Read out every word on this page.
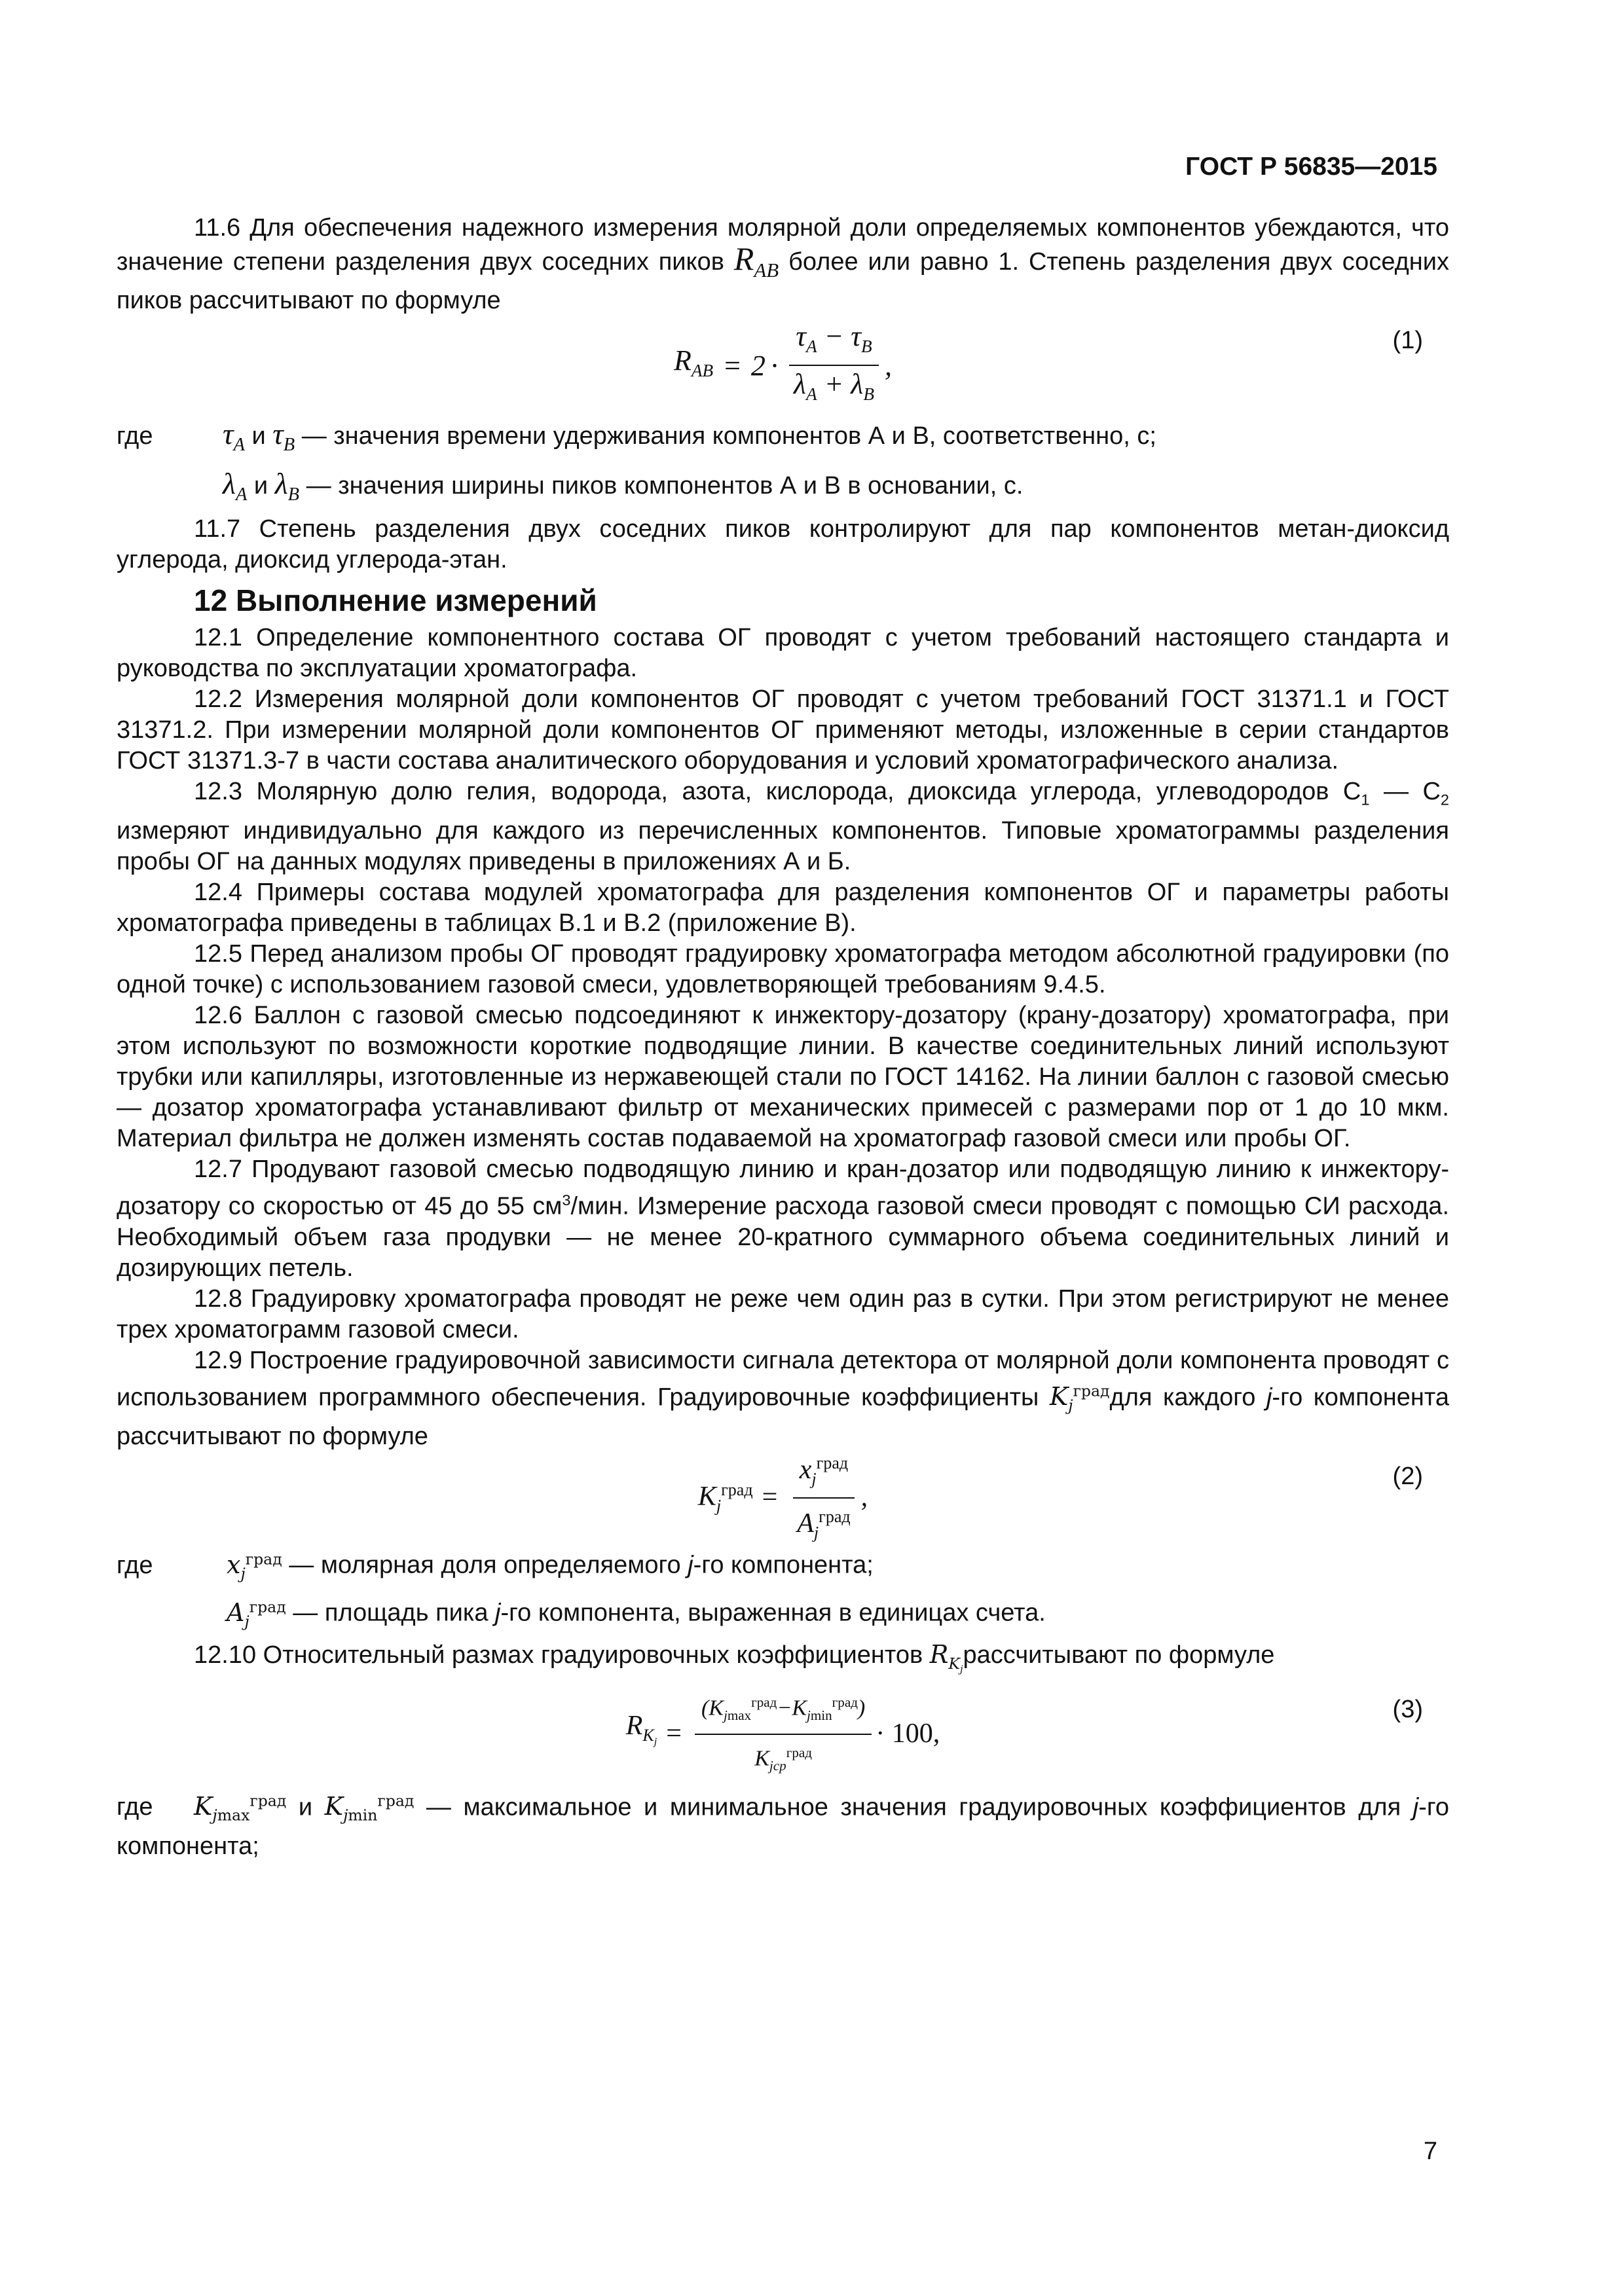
ГОСТ Р 56835—2015

11.6 Для обеспечения надежного измерения молярной доли определяемых компонентов убеждаются, что значение степени разделения двух соседних пиков $R_{AB}$ более или равно 1. Степень разделения двух соседних пиков рассчитывают по формуле

$R_{AB} = 2 \cdot \frac{\tau_A - \tau_B}{\lambda_A + \lambda_B}$ ,
(1)
где	$\tau_A$ и $\tau_B$ — значения времени удерживания компонентов А и В, соответственно, с;
$\lambda_A$ и $\lambda_B$ — значения ширины пиков компонентов А и В в основании, с.

11.7 Степень разделения двух соседних пиков контролируют для пар компонентов метан-диоксид углерода, диоксид углерода-этан.

12 Выполнение измерений

12.1 Определение компонентного состава ОГ проводят с учетом требований настоящего стандарта и руководства по эксплуатации хроматографа.

12.2 Измерения молярной доли компонентов ОГ проводят с учетом требований ГОСТ 31371.1 и ГОСТ 31371.2. При измерении молярной доли компонентов ОГ применяют методы, изложенные в серии стандартов ГОСТ 31371.3-7 в части состава аналитического оборудования и условий хроматографического анализа.

12.3 Молярную долю гелия, водорода, азота, кислорода, диоксида углерода, углеводородов $С_1$ — $С_2$ измеряют индивидуально для каждого из перечисленных компонентов. Типовые хроматограммы разделения пробы ОГ на данных модулях приведены в приложениях А и Б.

12.4 Примеры состава модулей хроматографа для разделения компонентов ОГ и параметры работы хроматографа приведены в таблицах В.1 и В.2 (приложение В).

12.5 Перед анализом пробы ОГ проводят градуировку хроматографа методом абсолютной градуировки (по одной точке) с использованием газовой смеси, удовлетворяющей требованиям 9.4.5.

12.6 Баллон с газовой смесью подсоединяют к инжектору-дозатору (крану-дозатору) хроматографа, при этом используют по возможности короткие подводящие линии. В качестве соединительных линий используют трубки или капилляры, изготовленные из нержавеющей стали по ГОСТ 14162. На линии баллон с газовой смесью — дозатор хроматографа устанавливают фильтр от механических примесей с размерами пор от 1 до 10 мкм. Материал фильтра не должен изменять состав подаваемой на хроматограф газовой смеси или пробы ОГ.

12.7 Продувают газовой смесью подводящую линию и кран-дозатор или подводящую линию к инжектору-дозатору со скоростью от 45 до 55 $см^3$/мин. Измерение расхода газовой смеси проводят с помощью СИ расхода. Необходимый объем газа продувки — не менее 20-кратного суммарного объема соединительных линий и дозирующих петель.

12.8 Градуировку хроматографа проводят не реже чем один раз в сутки. При этом регистрируют не менее трех хроматограмм газовой смеси.

12.9 Построение градуировочной зависимости сигнала детектора от молярной доли компонента проводят с использованием программного обеспечения. Градуировочные коэффициенты $K_j^{град}для$ каждого j-го компонента рассчитывают по формуле

$K_j^{град} = \frac{x_j^{град}}{A_j^{град}}$ ,
(2)
где	$x_j^{град}$ — молярная доля определяемого j-го компонента;
$A_j^{град}$ — площадь пика j-го компонента, выраженная в единицах счета.

12.10 Относительный размах градуировочных коэффициентов $R_{K_j}рассчитывают$ по формуле

$R_{K_j} = \frac{(K_{jmax}^{град}-K_{jmin}^{град})}{K_{jcp}^{град}} \cdot 100$,
(3)

где $K_{jmax}^{град}$ и $K_{jmin}^{град}$ — максимальное и минимальное значения градуировочных коэффициентов для j-го компонента;

7
